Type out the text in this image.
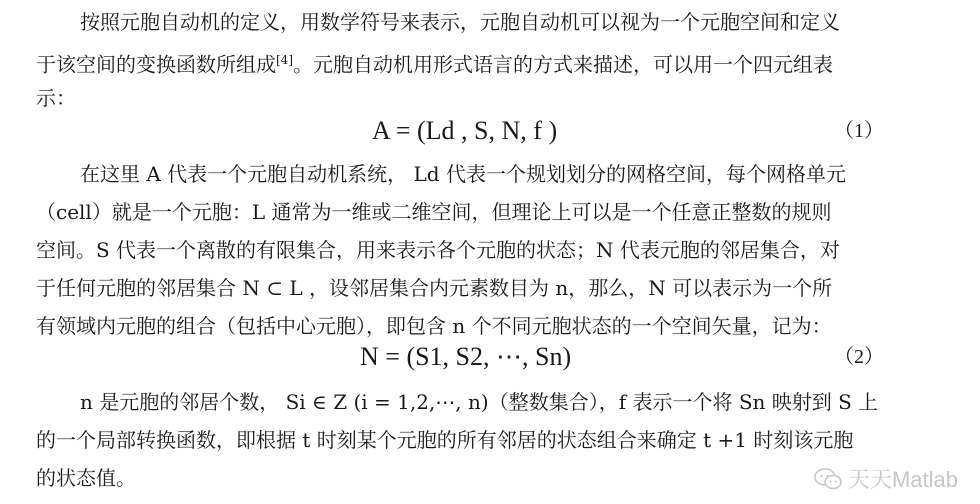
按照元胞自动机的定义，用数学符号来表示，元胞自动机可以视为一个元胞空间和定义
于该空间的变换函数所组成[4]。元胞自动机用形式语言的方式来描述，可以用一个四元组表
示：
A = (Ld , S, N, f )	（1）
在这里 A 代表一个元胞自动机系统， Ld 代表一个规划划分的网格空间，每个网格单元
（cell）就是一个元胞：L 通常为一维或二维空间，但理论上可以是一个任意正整数的规则
空间。S 代表一个离散的有限集合，用来表示各个元胞的状态；N 代表元胞的邻居集合，对
于任何元胞的邻居集合 N ⊂ L ，设邻居集合内元素数目为 n，那么，N 可以表示为一个所
有领域内元胞的组合（包括中心元胞），即包含 n 个不同元胞状态的一个空间矢量，记为：
N = (S1, S2, ⋯, Sn)	（2）
n 是元胞的邻居个数， Si ∈ Z (i = 1,2,⋯, n)（整数集合），f 表示一个将 Sn 映射到 S 上
的一个局部转换函数，即根据 t 时刻某个元胞的所有邻居的状态组合来确定 t +1 时刻该元胞
的状态值。	天天Matlab
